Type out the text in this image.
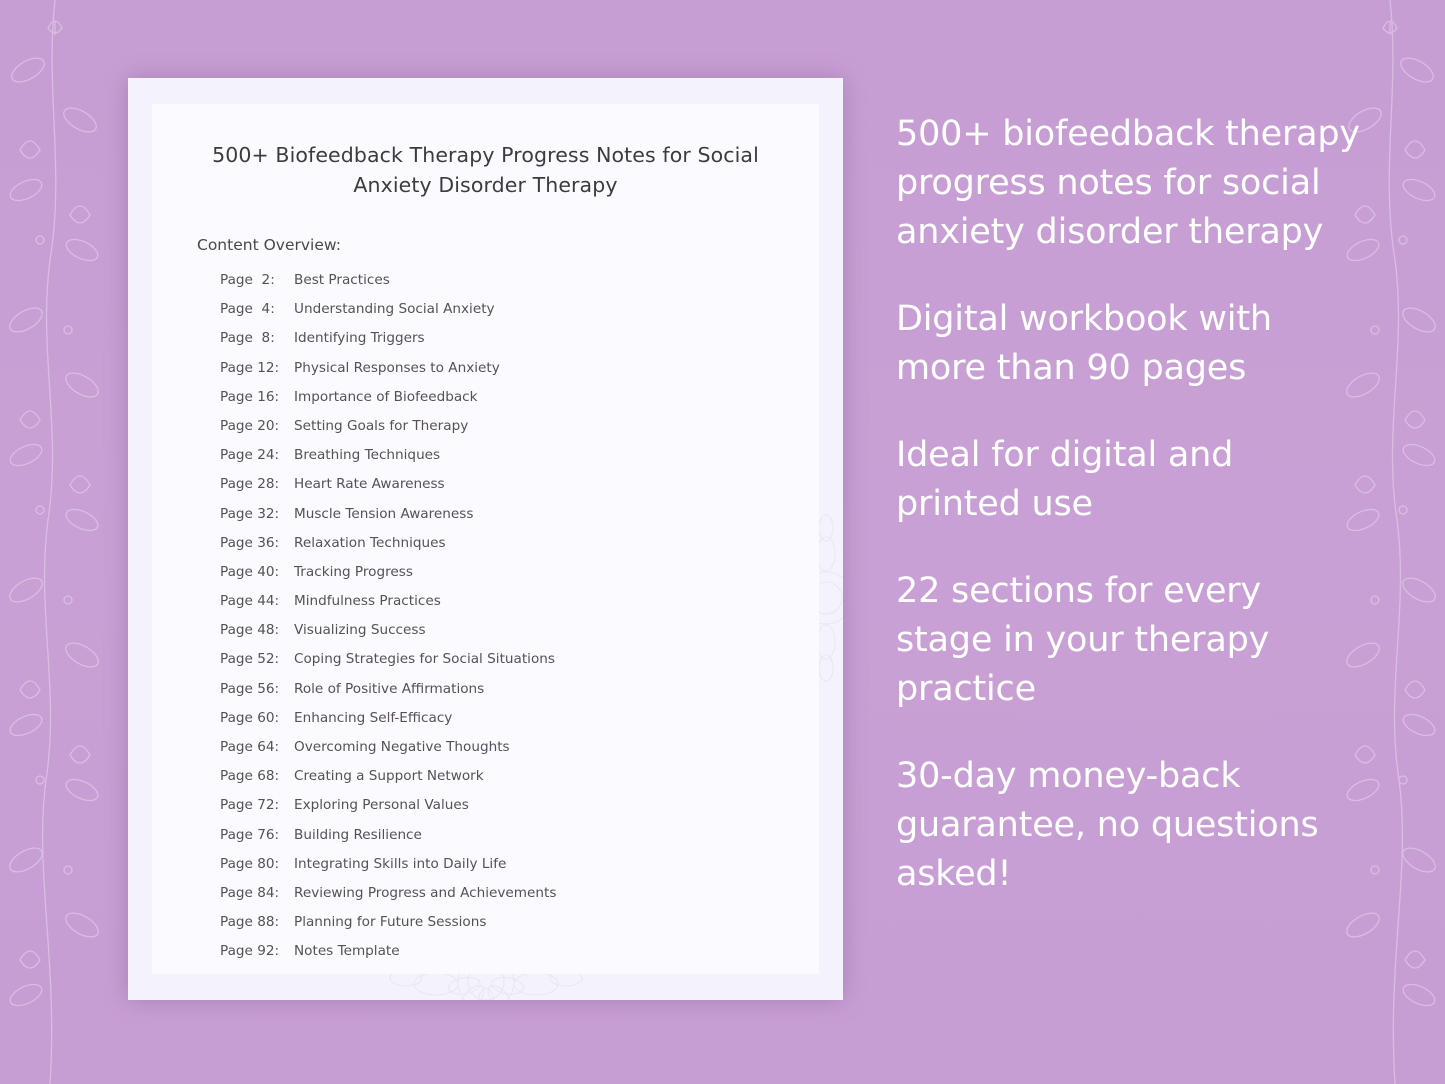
500+ Biofeedback Therapy Progress Notes for Social Anxiety Disorder Therapy
Content Overview:
Page  2:	Best Practices
Page  4:	Understanding Social Anxiety
Page  8:	Identifying Triggers
Page 12:	Physical Responses to Anxiety
Page 16:	Importance of Biofeedback
Page 20:	Setting Goals for Therapy
Page 24:	Breathing Techniques
Page 28:	Heart Rate Awareness
Page 32:	Muscle Tension Awareness
Page 36:	Relaxation Techniques
Page 40:	Tracking Progress
Page 44:	Mindfulness Practices
Page 48:	Visualizing Success
Page 52:	Coping Strategies for Social Situations
Page 56:	Role of Positive Affirmations
Page 60:	Enhancing Self-Efficacy
Page 64:	Overcoming Negative Thoughts
Page 68:	Creating a Support Network
Page 72:	Exploring Personal Values
Page 76:	Building Resilience
Page 80:	Integrating Skills into Daily Life
Page 84:	Reviewing Progress and Achievements
Page 88:	Planning for Future Sessions
Page 92:	Notes Template
500+ biofeedback therapy progress notes for social anxiety disorder therapy
Digital workbook with more than 90 pages
Ideal for digital and printed use
22 sections for every stage in your therapy practice
30-day money-back guarantee, no questions asked!
